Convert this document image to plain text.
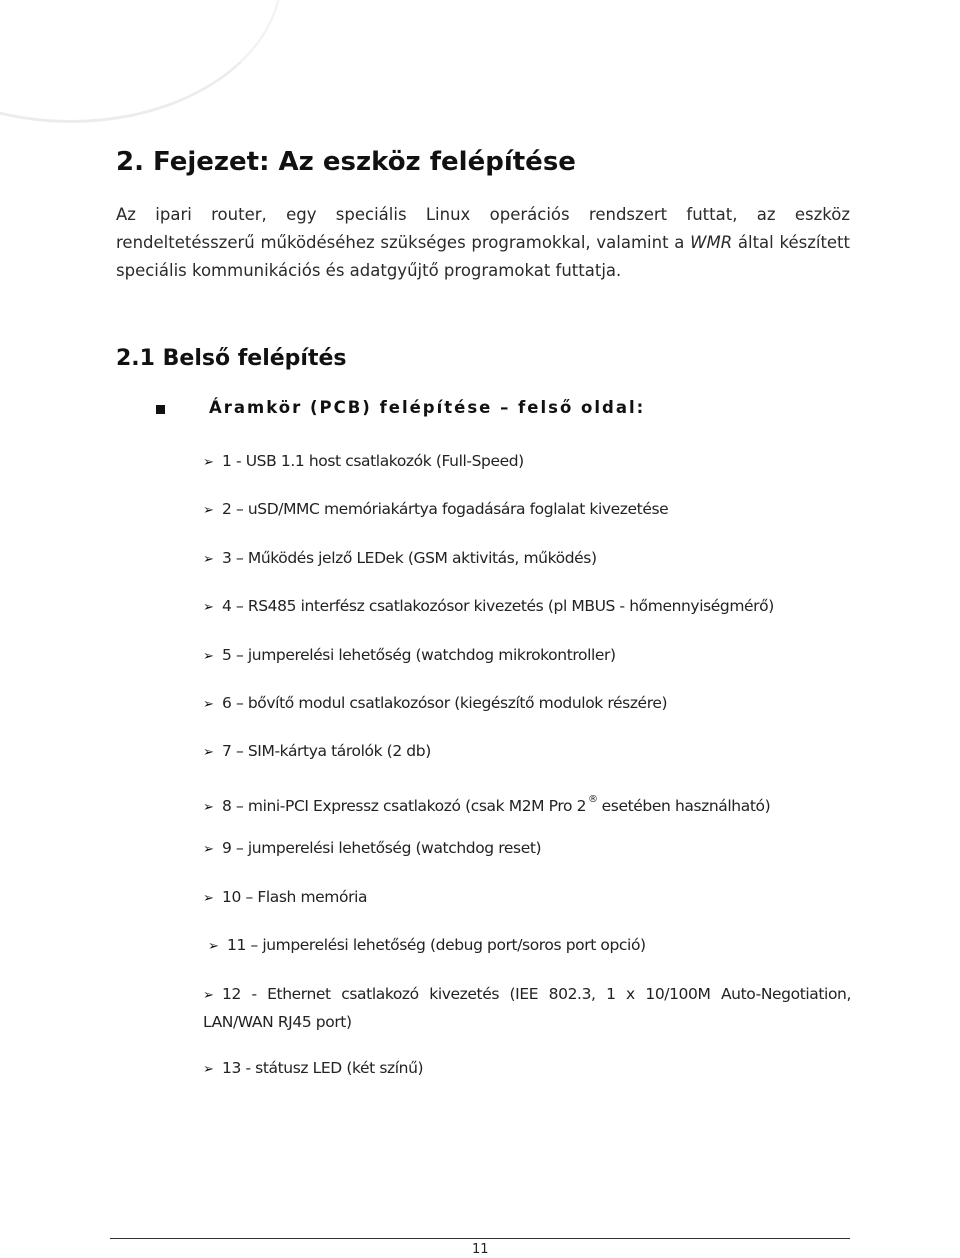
2. Fejezet: Az eszköz felépítése

Az ipari router, egy speciális Linux operációs rendszert futtat, az eszköz rendeltetésszerű működéséhez szükséges programokkal, valamint a WMR által készített speciális kommunikációs és adatgyűjtő programokat futtatja.

2.1 Belső felépítés
Áramkör (PCB) felépítése – felső oldal:
➢ 1 - USB 1.1 host csatlakozók (Full-Speed)
➢ 2 – uSD/MMC memóriakártya fogadására foglalat kivezetése
➢ 3 – Működés jelző LEDek (GSM aktivitás, működés)
➢ 4 – RS485 interfész csatlakozósor kivezetés (pl MBUS - hőmennyiségmérő)
➢ 5 – jumperelési lehetőség (watchdog mikrokontroller)
➢ 6 – bővítő modul csatlakozósor (kiegészítő modulok részére)
➢ 7 – SIM-kártya tárolók (2 db)
➢ 8 – mini-PCI Expressz csatlakozó (csak M2M Pro 2 ® esetében használható)
➢ 9 – jumperelési lehetőség (watchdog reset)
➢ 10 – Flash memória
➢ 11 – jumperelési lehetőség (debug port/soros port opció)
➢ 12 - Ethernet csatlakozó kivezetés (IEE 802.3, 1 x 10/100M Auto-Negotiation,
LAN/WAN RJ45 port)
➢ 13 - státusz LED (két színű)
11
